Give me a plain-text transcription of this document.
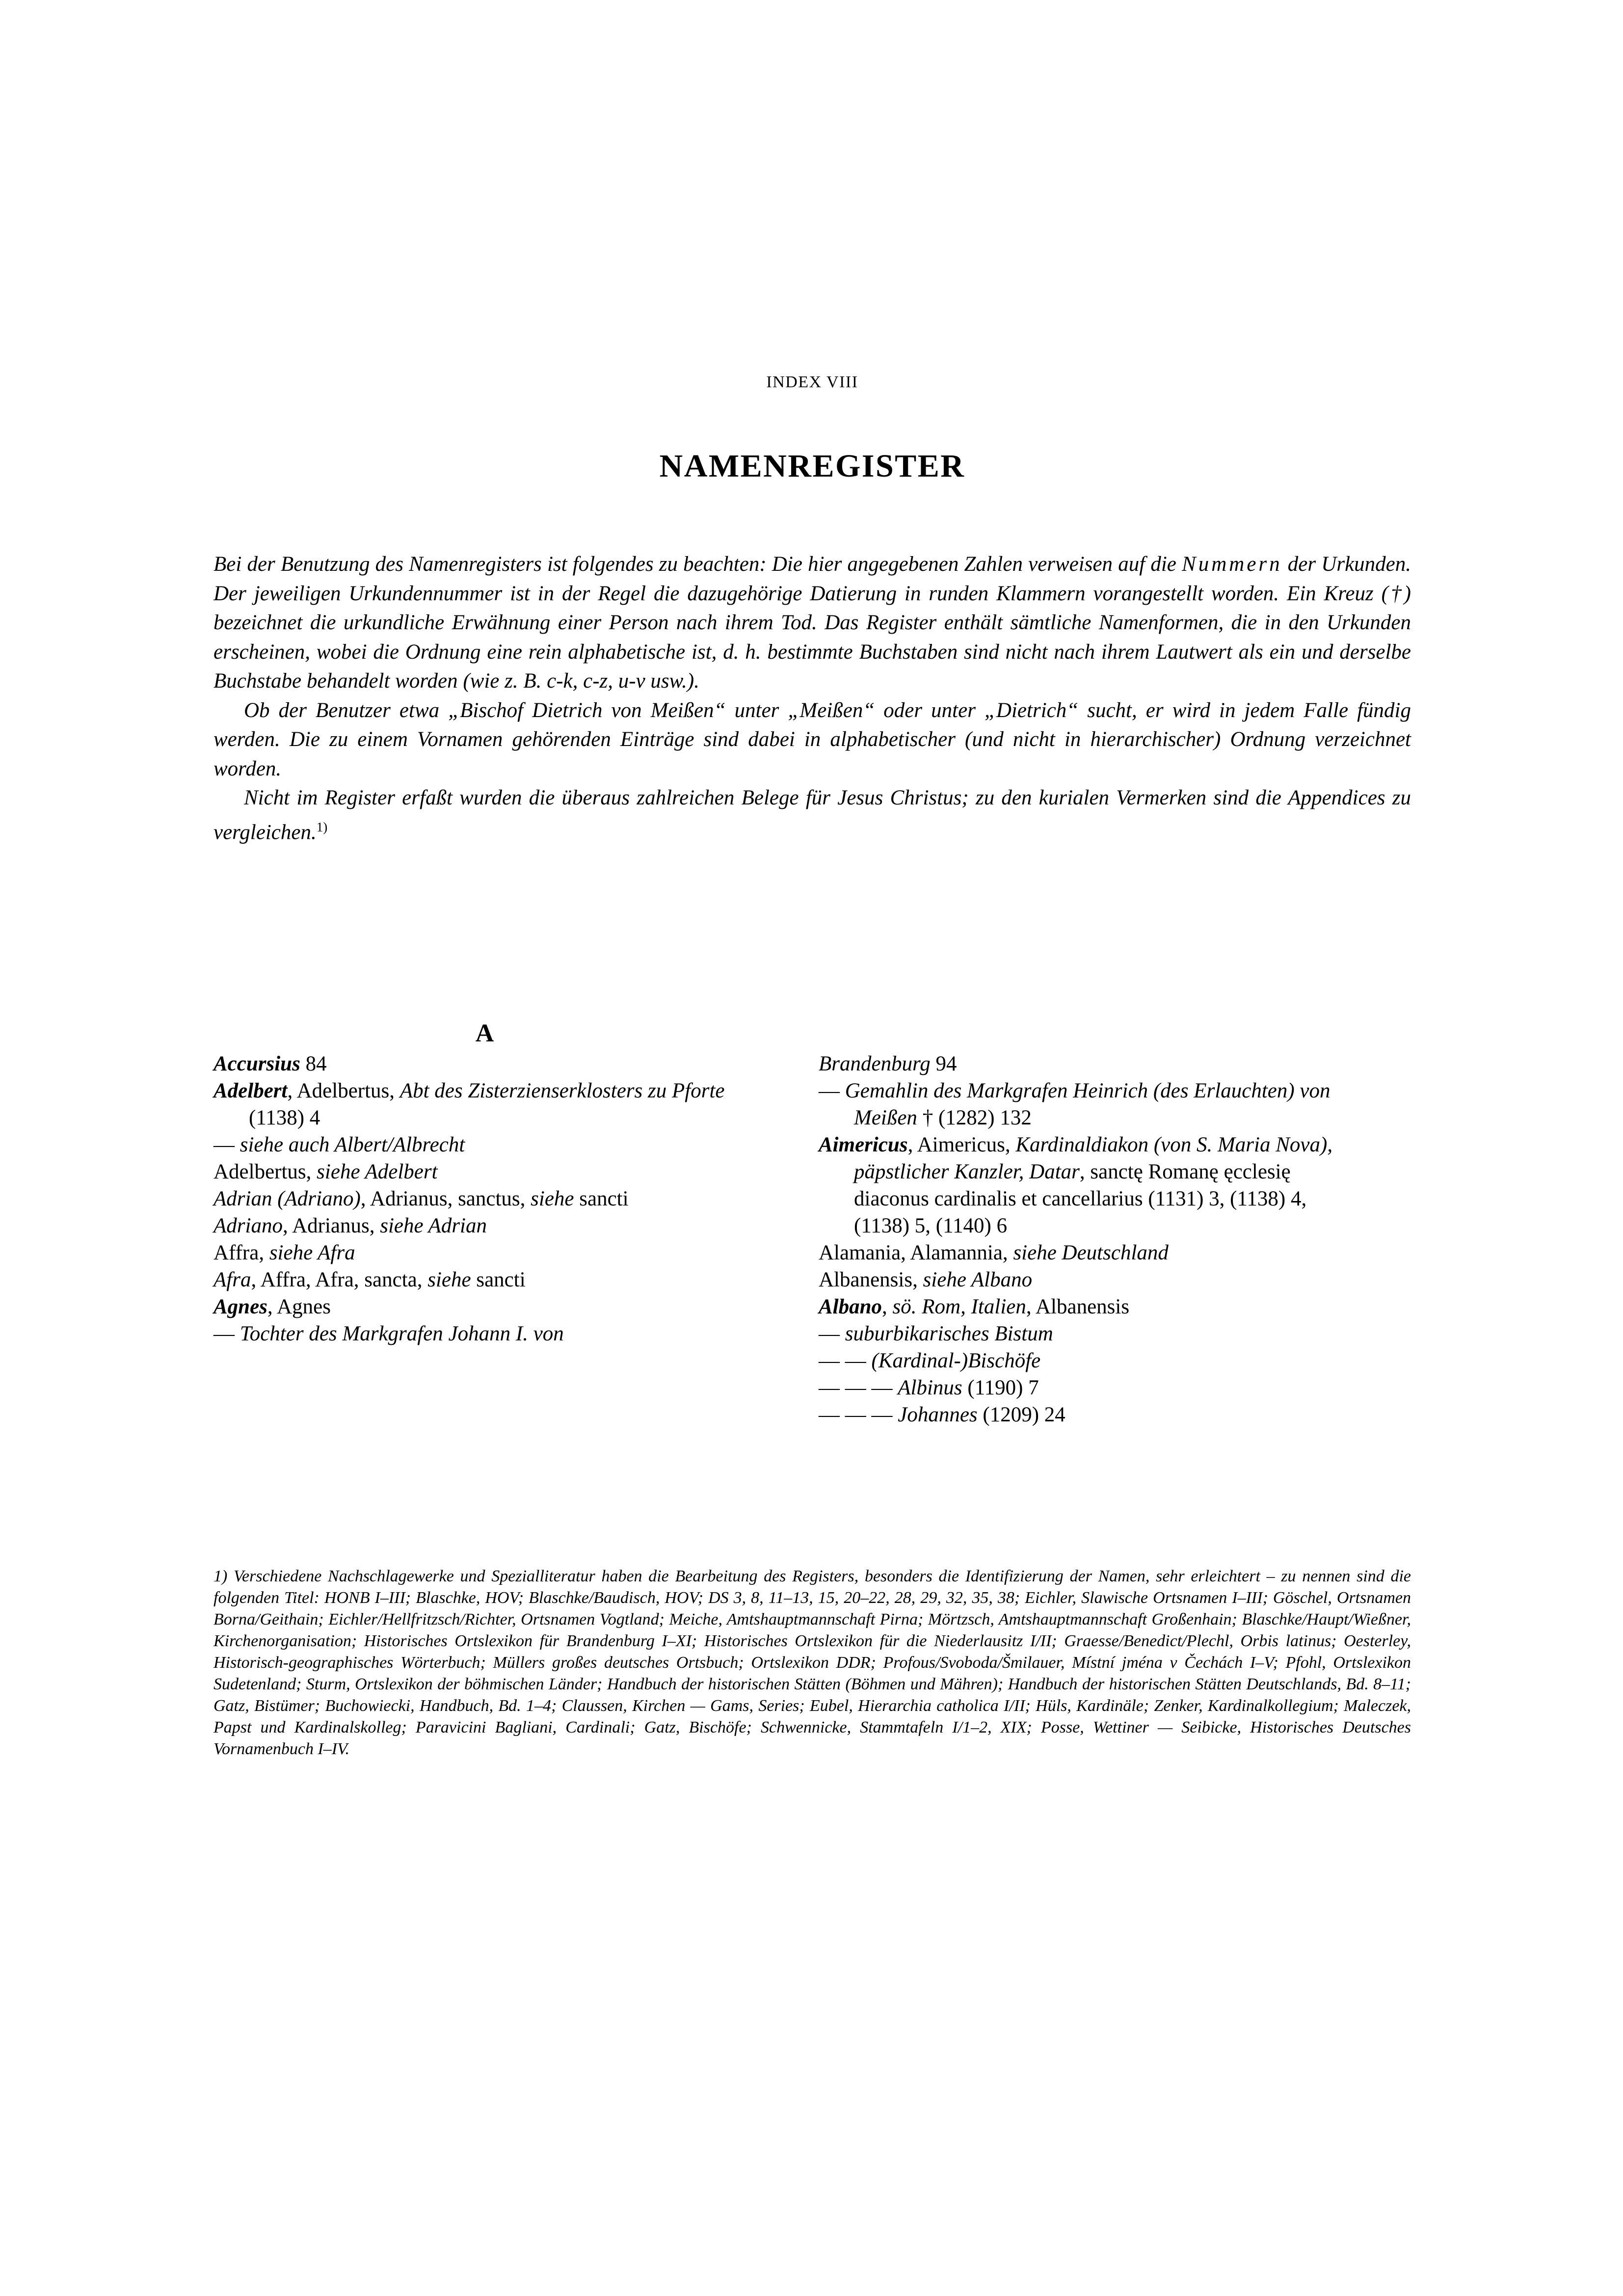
INDEX VIII
NAMENREGISTER

Bei der Benutzung des Namenregisters ist folgendes zu beachten: Die hier angegebenen Zahlen verweisen auf die Nummern der Urkunden. Der jeweiligen Urkundennummer ist in der Regel die dazugehörige Datierung in runden Klammern vorangestellt worden. Ein Kreuz (†) bezeichnet die urkundliche Erwähnung einer Person nach ihrem Tod. Das Register enthält sämtliche Namenformen, die in den Urkunden erscheinen, wobei die Ordnung eine rein alphabetische ist, d. h. bestimmte Buchstaben sind nicht nach ihrem Lautwert als ein und derselbe Buchstabe behandelt worden (wie z. B. c-k, c-z, u-v usw.).

Ob der Benutzer etwa „Bischof Dietrich von Meißen“ unter „Meißen“ oder unter „Dietrich“ sucht, er wird in jedem Falle fündig werden. Die zu einem Vornamen gehörenden Einträge sind dabei in alphabetischer (und nicht in hierarchischer) Ordnung verzeichnet worden.

Nicht im Register erfaßt wurden die überaus zahlreichen Belege für Jesus Christus; zu den kurialen Vermerken sind die Appendices zu vergleichen.$^{1)}$

A

Accursius 84

Adelbert, Adelbertus, Abt des Zisterzienserklosters zu Pforte (1138) 4

— siehe auch Albert/Albrecht

Adelbertus, siehe Adelbert

Adrian (Adriano), Adrianus, sanctus, siehe sancti

Adriano, Adrianus, siehe Adrian

Affra, siehe Afra

Afra, Affra, Afra, sancta, siehe sancti

Agnes, Agnes

— Tochter des Markgrafen Johann I. von

Brandenburg 94

— Gemahlin des Markgrafen Heinrich (des Erlauchten) von Meißen † (1282) 132

Aimericus, Aimericus, Kardinaldiakon (von S. Maria Nova), päpstlicher Kanzler, Datar, sanctę Romanę ęcclesię diaconus cardinalis et cancellarius (1131) 3, (1138) 4, (1138) 5, (1140) 6

Alamania, Alamannia, siehe Deutschland

Albanensis, siehe Albano

Albano, sö. Rom, Italien, Albanensis

— suburbikarisches Bistum

— — (Kardinal-)Bischöfe

— — — Albinus (1190) 7

— — — Johannes (1209) 24

1) Verschiedene Nachschlagewerke und Spezialliteratur haben die Bearbeitung des Registers, besonders die Identifizierung der Namen, sehr erleichtert – zu nennen sind die folgenden Titel: HONB I–III; Blaschke, HOV; Blaschke/Baudisch, HOV; DS 3, 8, 11–13, 15, 20–22, 28, 29, 32, 35, 38; Eichler, Slawische Ortsnamen I–III; Göschel, Ortsnamen Borna/Geithain; Eichler/Hellfritzsch/Richter, Ortsnamen Vogtland; Meiche, Amtshauptmannschaft Pirna; Mörtzsch, Amtshauptmannschaft Großenhain; Blaschke/Haupt/Wießner, Kirchenorganisation; Historisches Ortslexikon für Brandenburg I–XI; Historisches Ortslexikon für die Niederlausitz I/II; Graesse/Benedict/Plechl, Orbis latinus; Oesterley, Historisch-geographisches Wörterbuch; Müllers großes deutsches Ortsbuch; Ortslexikon DDR; Profous/Svoboda/Šmilauer, Místní jména v Čechách I–V; Pfohl, Ortslexikon Sudetenland; Sturm, Ortslexikon der böhmischen Länder; Handbuch der historischen Stätten (Böhmen und Mähren); Handbuch der historischen Stätten Deutschlands, Bd. 8–11; Gatz, Bistümer; Buchowiecki, Handbuch, Bd. 1–4; Claussen, Kirchen — Gams, Series; Eubel, Hierarchia catholica I/II; Hüls, Kardinäle; Zenker, Kardinalkollegium; Maleczek, Papst und Kardinalskolleg; Paravicini Bagliani, Cardinali; Gatz, Bischöfe; Schwennicke, Stammtafeln I/1–2, XIX; Posse, Wettiner — Seibicke, Historisches Deutsches Vornamenbuch I–IV.
